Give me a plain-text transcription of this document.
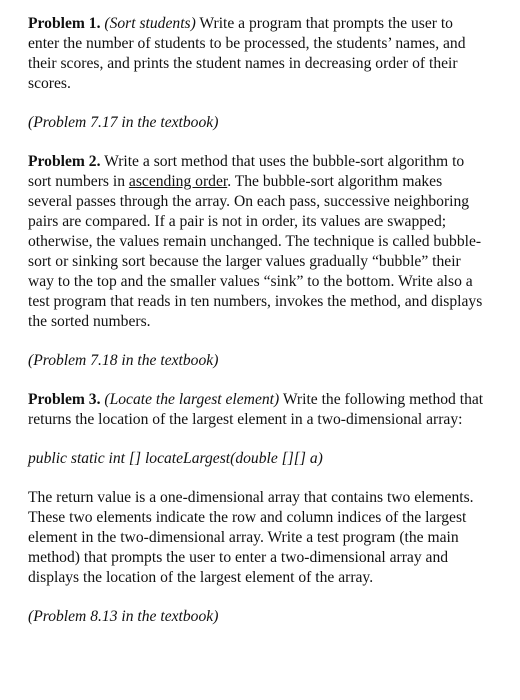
Problem 1. (Sort students) Write a program that prompts the user to enter the number of students to be processed, the students’ names, and their scores, and prints the student names in decreasing order of their scores.

(Problem 7.17 in the textbook)

Problem 2. Write a sort method that uses the bubble-sort algorithm to sort numbers in ascending order. The bubble-sort algorithm makes several passes through the array. On each pass, successive neighboring pairs are compared. If a pair is not in order, its values are swapped; otherwise, the values remain unchanged. The technique is called bubble-sort or sinking sort because the larger values gradually “bubble” their way to the top and the smaller values “sink” to the bottom. Write also a test program that reads in ten numbers, invokes the method, and displays the sorted numbers.

(Problem 7.18 in the textbook)

Problem 3. (Locate the largest element) Write the following method that returns the location of the largest element in a two-dimensional array:

public static int [] locateLargest(double [][] a)

The return value is a one-dimensional array that contains two elements. These two elements indicate the row and column indices of the largest element in the two-dimensional array. Write a test program (the main method) that prompts the user to enter a two-dimensional array and displays the location of the largest element of the array.

(Problem 8.13 in the textbook)
